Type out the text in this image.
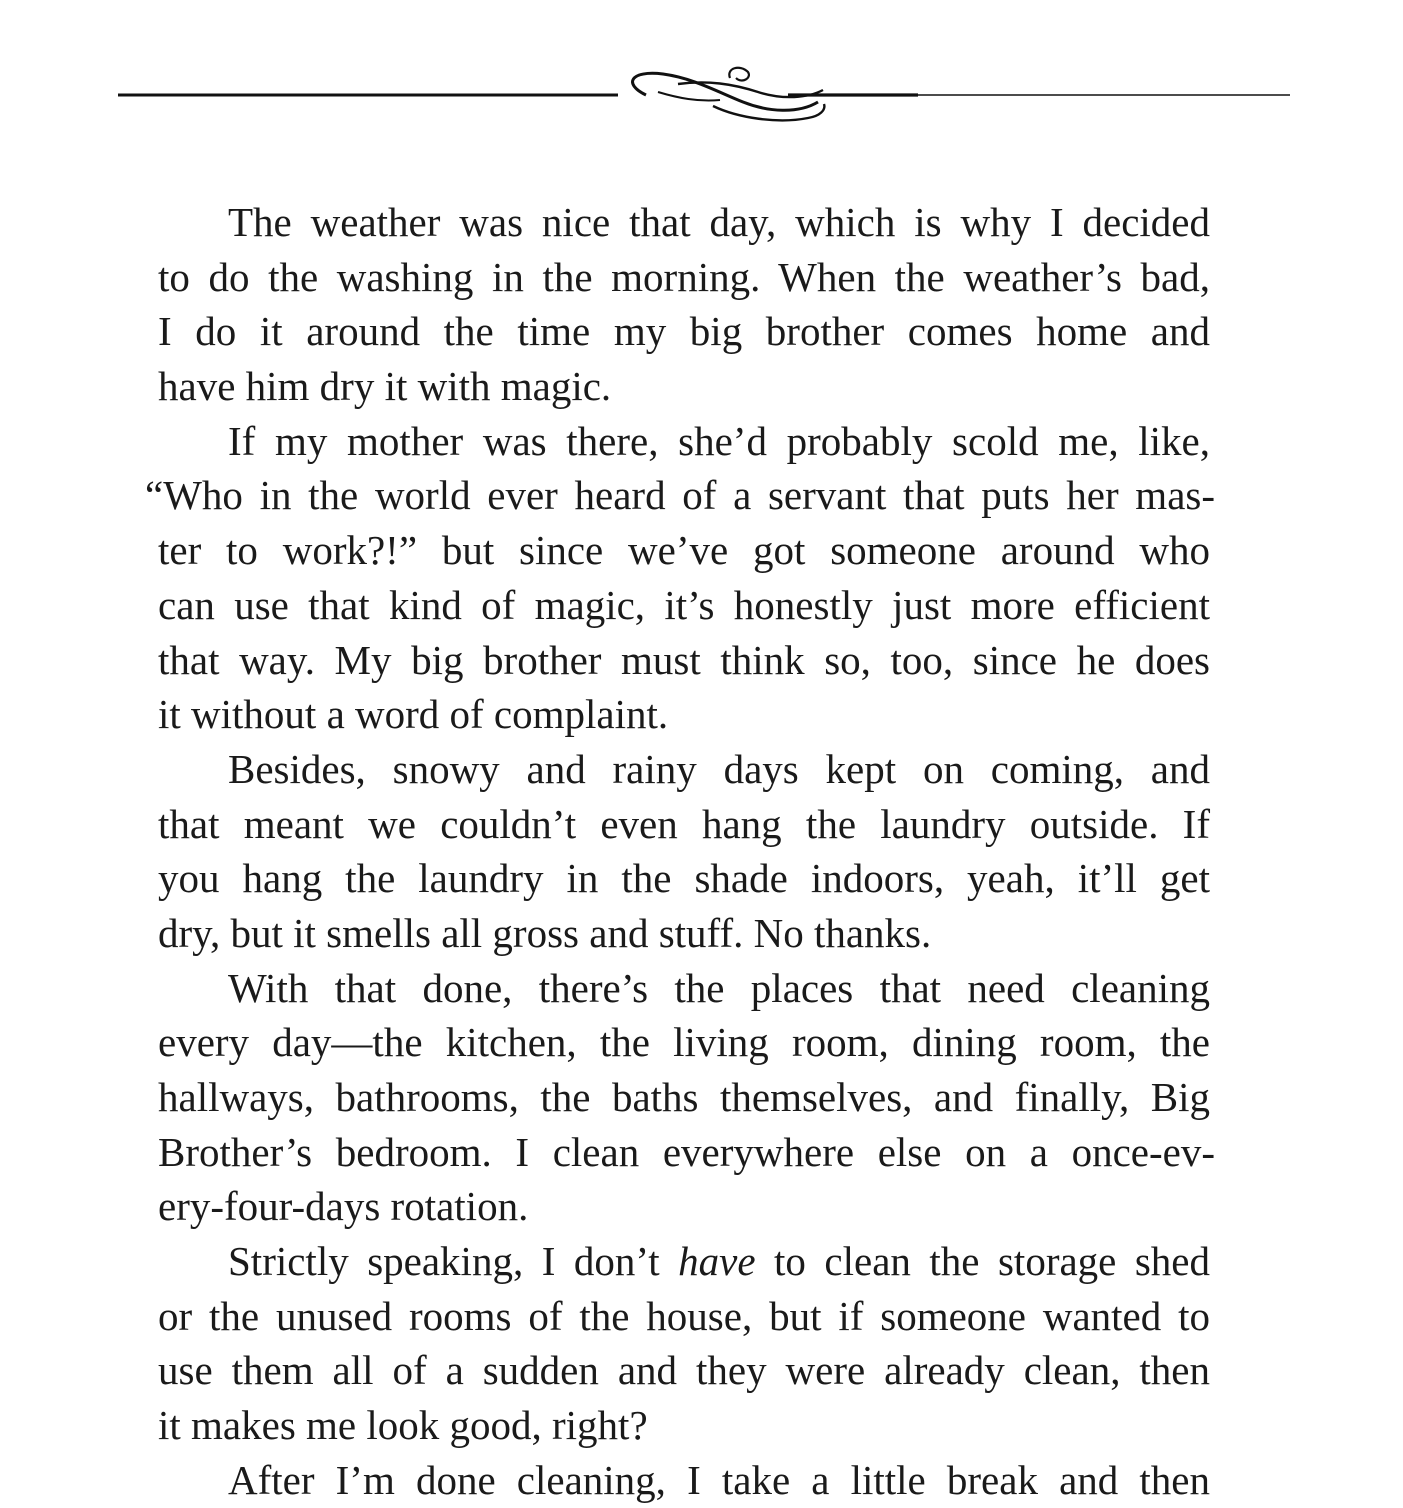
The weather was nice that day, which is why I decided
to do the washing in the morning. When the weather’s bad,
I do it around the time my big brother comes home and
have him dry it with magic.
If my mother was there, she’d probably scold me, like,
“Who in the world ever heard of a servant that puts her mas-
ter to work?!” but since we’ve got someone around who
can use that kind of magic, it’s honestly just more efficient
that way. My big brother must think so, too, since he does
it without a word of complaint.
Besides, snowy and rainy days kept on coming, and
that meant we couldn’t even hang the laundry outside. If
you hang the laundry in the shade indoors, yeah, it’ll get
dry, but it smells all gross and stuff. No thanks.
With that done, there’s the places that need cleaning
every day—the kitchen, the living room, dining room, the
hallways, bathrooms, the baths themselves, and finally, Big
Brother’s bedroom. I clean everywhere else on a once-ev-
ery-four-days rotation.
Strictly speaking, I don’t have to clean the storage shed
or the unused rooms of the house, but if someone wanted to
use them all of a sudden and they were already clean, then
it makes me look good, right?
After I’m done cleaning, I take a little break and then
